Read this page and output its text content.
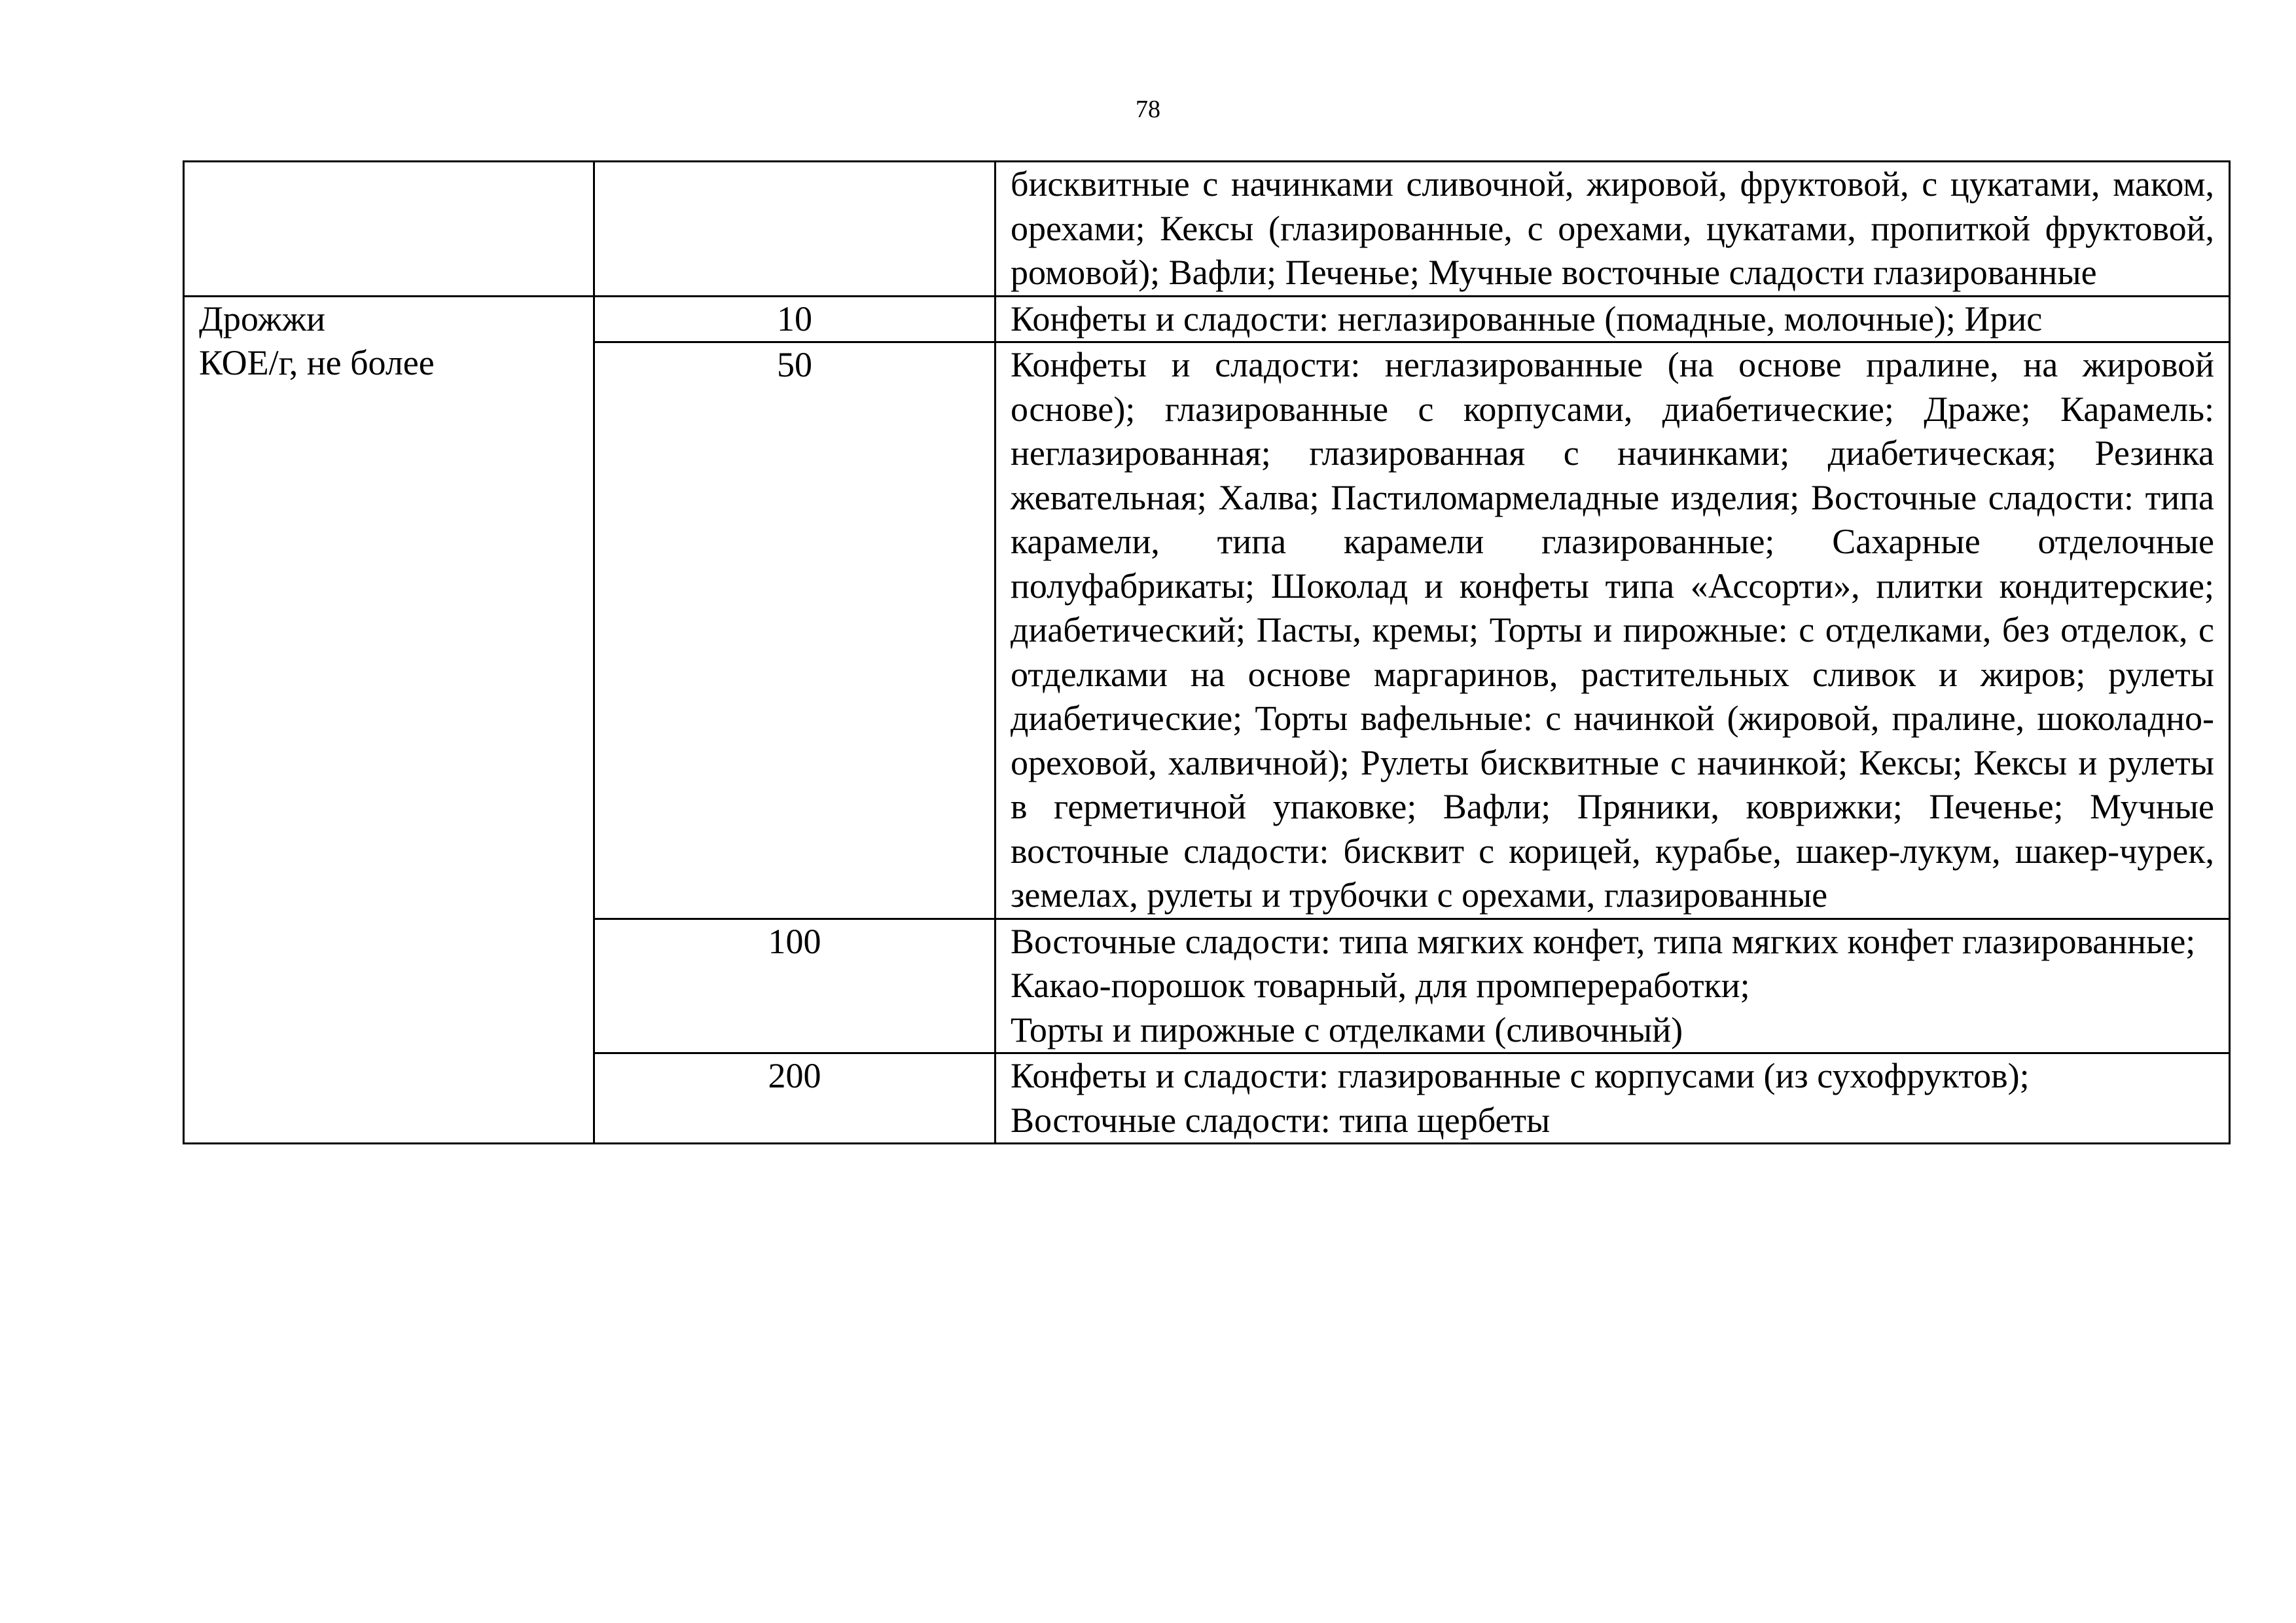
78
		бисквитные с начинками сливочной, жировой, фруктовой, с цукатами, маком, орехами; Кексы (глазированные, с орехами, цукатами, пропиткой фруктовой, ромовой); Вафли; Печенье; Мучные восточные сладости глазированные

Дрожжи
КОЕ/г, не более	10	Конфеты и сладости: неглазированные (помадные, молочные); Ирис

	50	Конфеты и сладости: неглазированные (на основе пралине, на жировой основе); глазированные с корпусами, диабетические; Драже; Карамель: неглазированная; глазированная с начинками; диабетическая; Резинка жевательная; Халва; Пастиломармеладные изделия; Восточные сладости: типа карамели, типа карамели глазированные; Сахарные отделочные полуфабрикаты; Шоколад и конфеты типа «Ассорти», плитки кондитерские; диабетический; Пасты, кремы; Торты и пирожные: с отделками, без отделок, с отделками на основе маргаринов, растительных сливок и жиров; рулеты диабетические; Торты вафельные: с начинкой (жировой, пралине, шоколадно-ореховой, халвичной); Рулеты бисквитные с начинкой; Кексы; Кексы и рулеты в герметичной упаковке; Вафли; Пряники, коврижки; Печенье; Мучные восточные сладости: бисквит с корицей, курабье, шакер-лукум, шакер-чурек, земелах, рулеты и трубочки с орехами, глазированные

	100	Восточные сладости: типа мягких конфет, типа мягких конфет глазированные;
Какао-порошок товарный, для промпереработки;
Торты и пирожные с отделками (сливочный)

	200	Конфеты и сладости: глазированные с корпусами (из сухофруктов);
Восточные сладости: типа щербеты
